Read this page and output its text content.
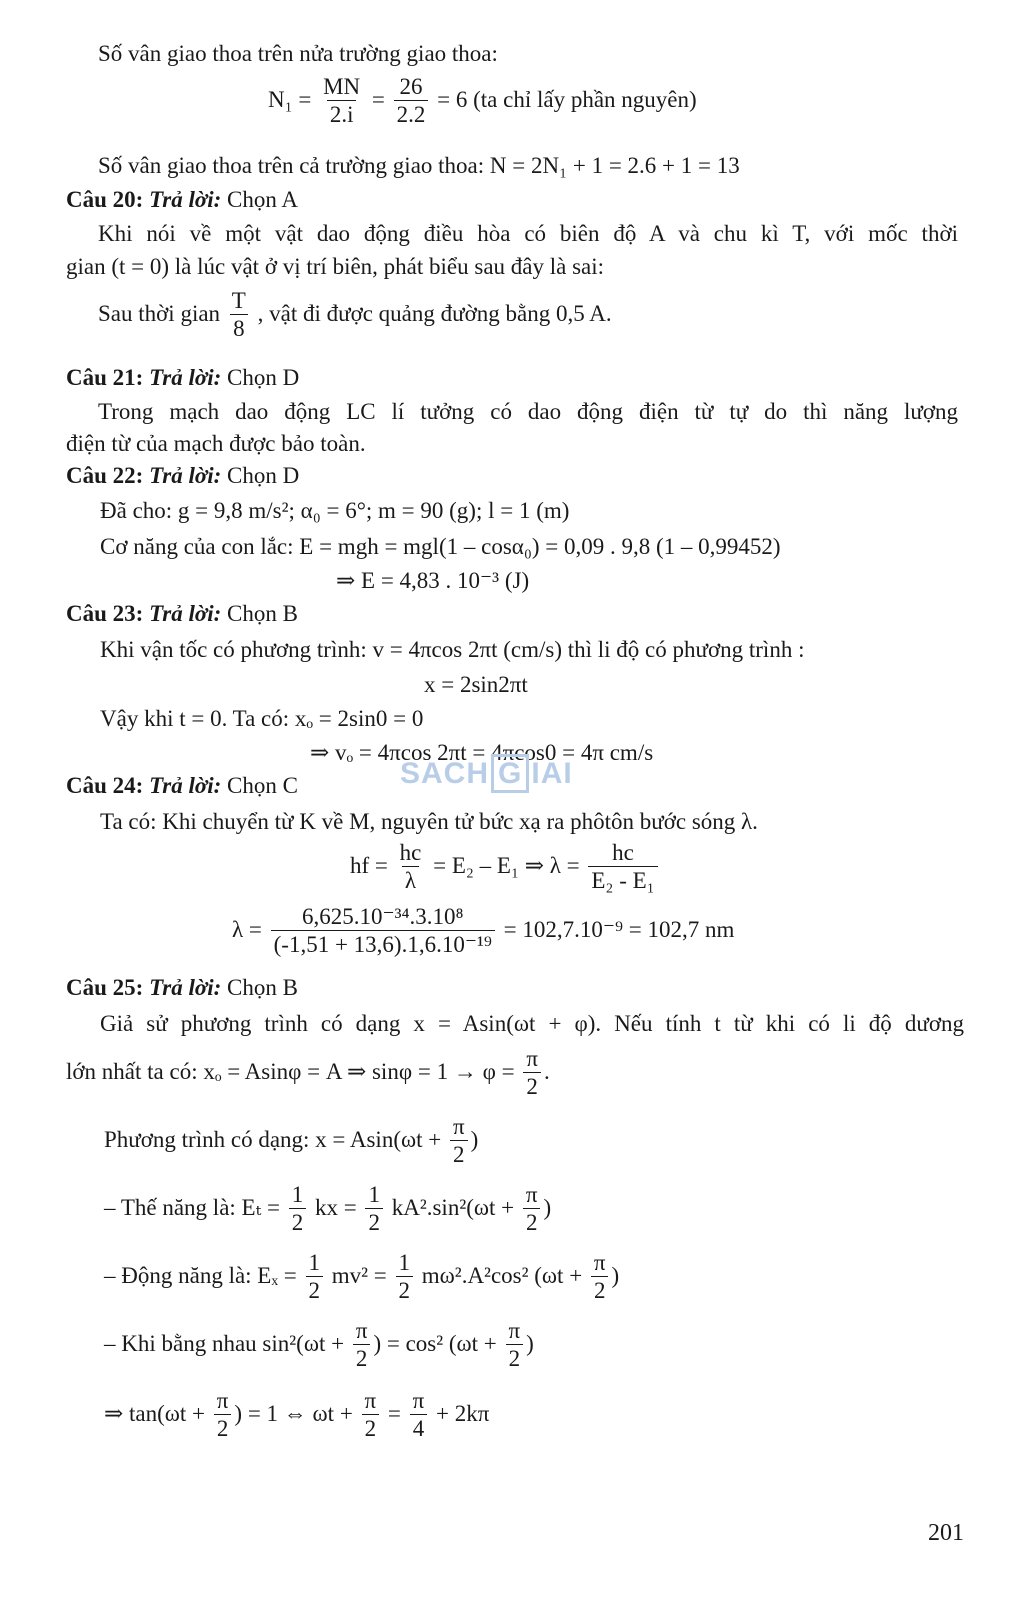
Số vân giao thoa trên nửa trường giao thoa:
$N_1 = \frac{MN}{2.i} = \frac{26}{2.2} = 6$ (ta chỉ lấy phần nguyên)
Số vân giao thoa trên cả trường giao thoa: N = 2N₁ + 1 = 2.6 + 1 = 13
Câu 20: Trả lời: Chọn A
Khi nói về một vật dao động điều hòa có biên độ A và chu kì T, với mốc thời
gian (t = 0) là lúc vật ở vị trí biên, phát biểu sau đây là sai:
Sau thời gian $\frac{T}{8}$ , vật đi được quảng đường bằng 0,5 A.
Câu 21: Trả lời: Chọn D
Trong mạch dao động LC lí tưởng có dao động điện từ tự do thì năng lượng
điện từ của mạch được bảo toàn.
Câu 22: Trả lời: Chọn D
Đã cho: g = 9,8 m/s²; α₀ = 6°; m = 90 (g); l = 1 (m)
Cơ năng của con lắc: E = mgh = mgl(1 – cosα₀) = 0,09 . 9,8 (1 – 0,99452)
⇒ E = 4,83 . 10⁻³ (J)
Câu 23: Trả lời: Chọn B
Khi vận tốc có phương trình: v = 4πcos 2πt (cm/s) thì li độ có phương trình :
x = 2sin2πt
Vậy khi t = 0. Ta có: xₒ = 2sin0 = 0
⇒ vₒ = 4πcos 2πt = 4πcos0 = 4π cm/s
SACH G IAI
Câu 24: Trả lời: Chọn C
Ta có: Khi chuyển từ K về M, nguyên tử bức xạ ra phôtôn bước sóng λ.
hf = $\frac{hc}{\lambda} = E_2 - E_1$ ⇒ $\lambda = \frac{hc}{\text{E₂ - E₁}}$
$\lambda = \frac{\text{6,625.10⁻³⁴.3.10⁸}}{\text{(-1,51 + 13,6).1,6.10⁻¹⁹}} = 102,7.10^{-9} = 102,7$ nm
Câu 25: Trả lời: Chọn B
Giả sử phương trình có dạng x = Asin(ωt + φ). Nếu tính t từ khi có li độ dương
lớn nhất ta có: xₒ = Asinφ = A ⇒ $\sin\varphi = 1 \to \varphi = \frac{\pi}{2}$ .
Phương trình có dạng: $x = Asin(\omega t + \frac{\pi}{2}$ )
– Thế năng là: $E_t = \frac{1}{2}$ kx = $\frac{1}{2} kA^2.\sin^2(\omega t + \frac{\pi}{2}$ )
– Động năng là: $E_x = \frac{1}{2} mv^2 = \frac{1}{2} m\omega^2.A^2\cos^2$ ($\omega t + \frac{\pi}{2}$ )
– Khi bằng nhau $\sin^2(\omega t + \frac{\pi}{2}$ ) = cos² ($\omega t + \frac{\pi}{2}$ )
⇒ $\tan(\omega t + \frac{\pi}{2}$ ) = 1 ⇔ $\omega t + \frac{\pi}{2} = \frac{\pi}{4} + 2k\pi$
201
